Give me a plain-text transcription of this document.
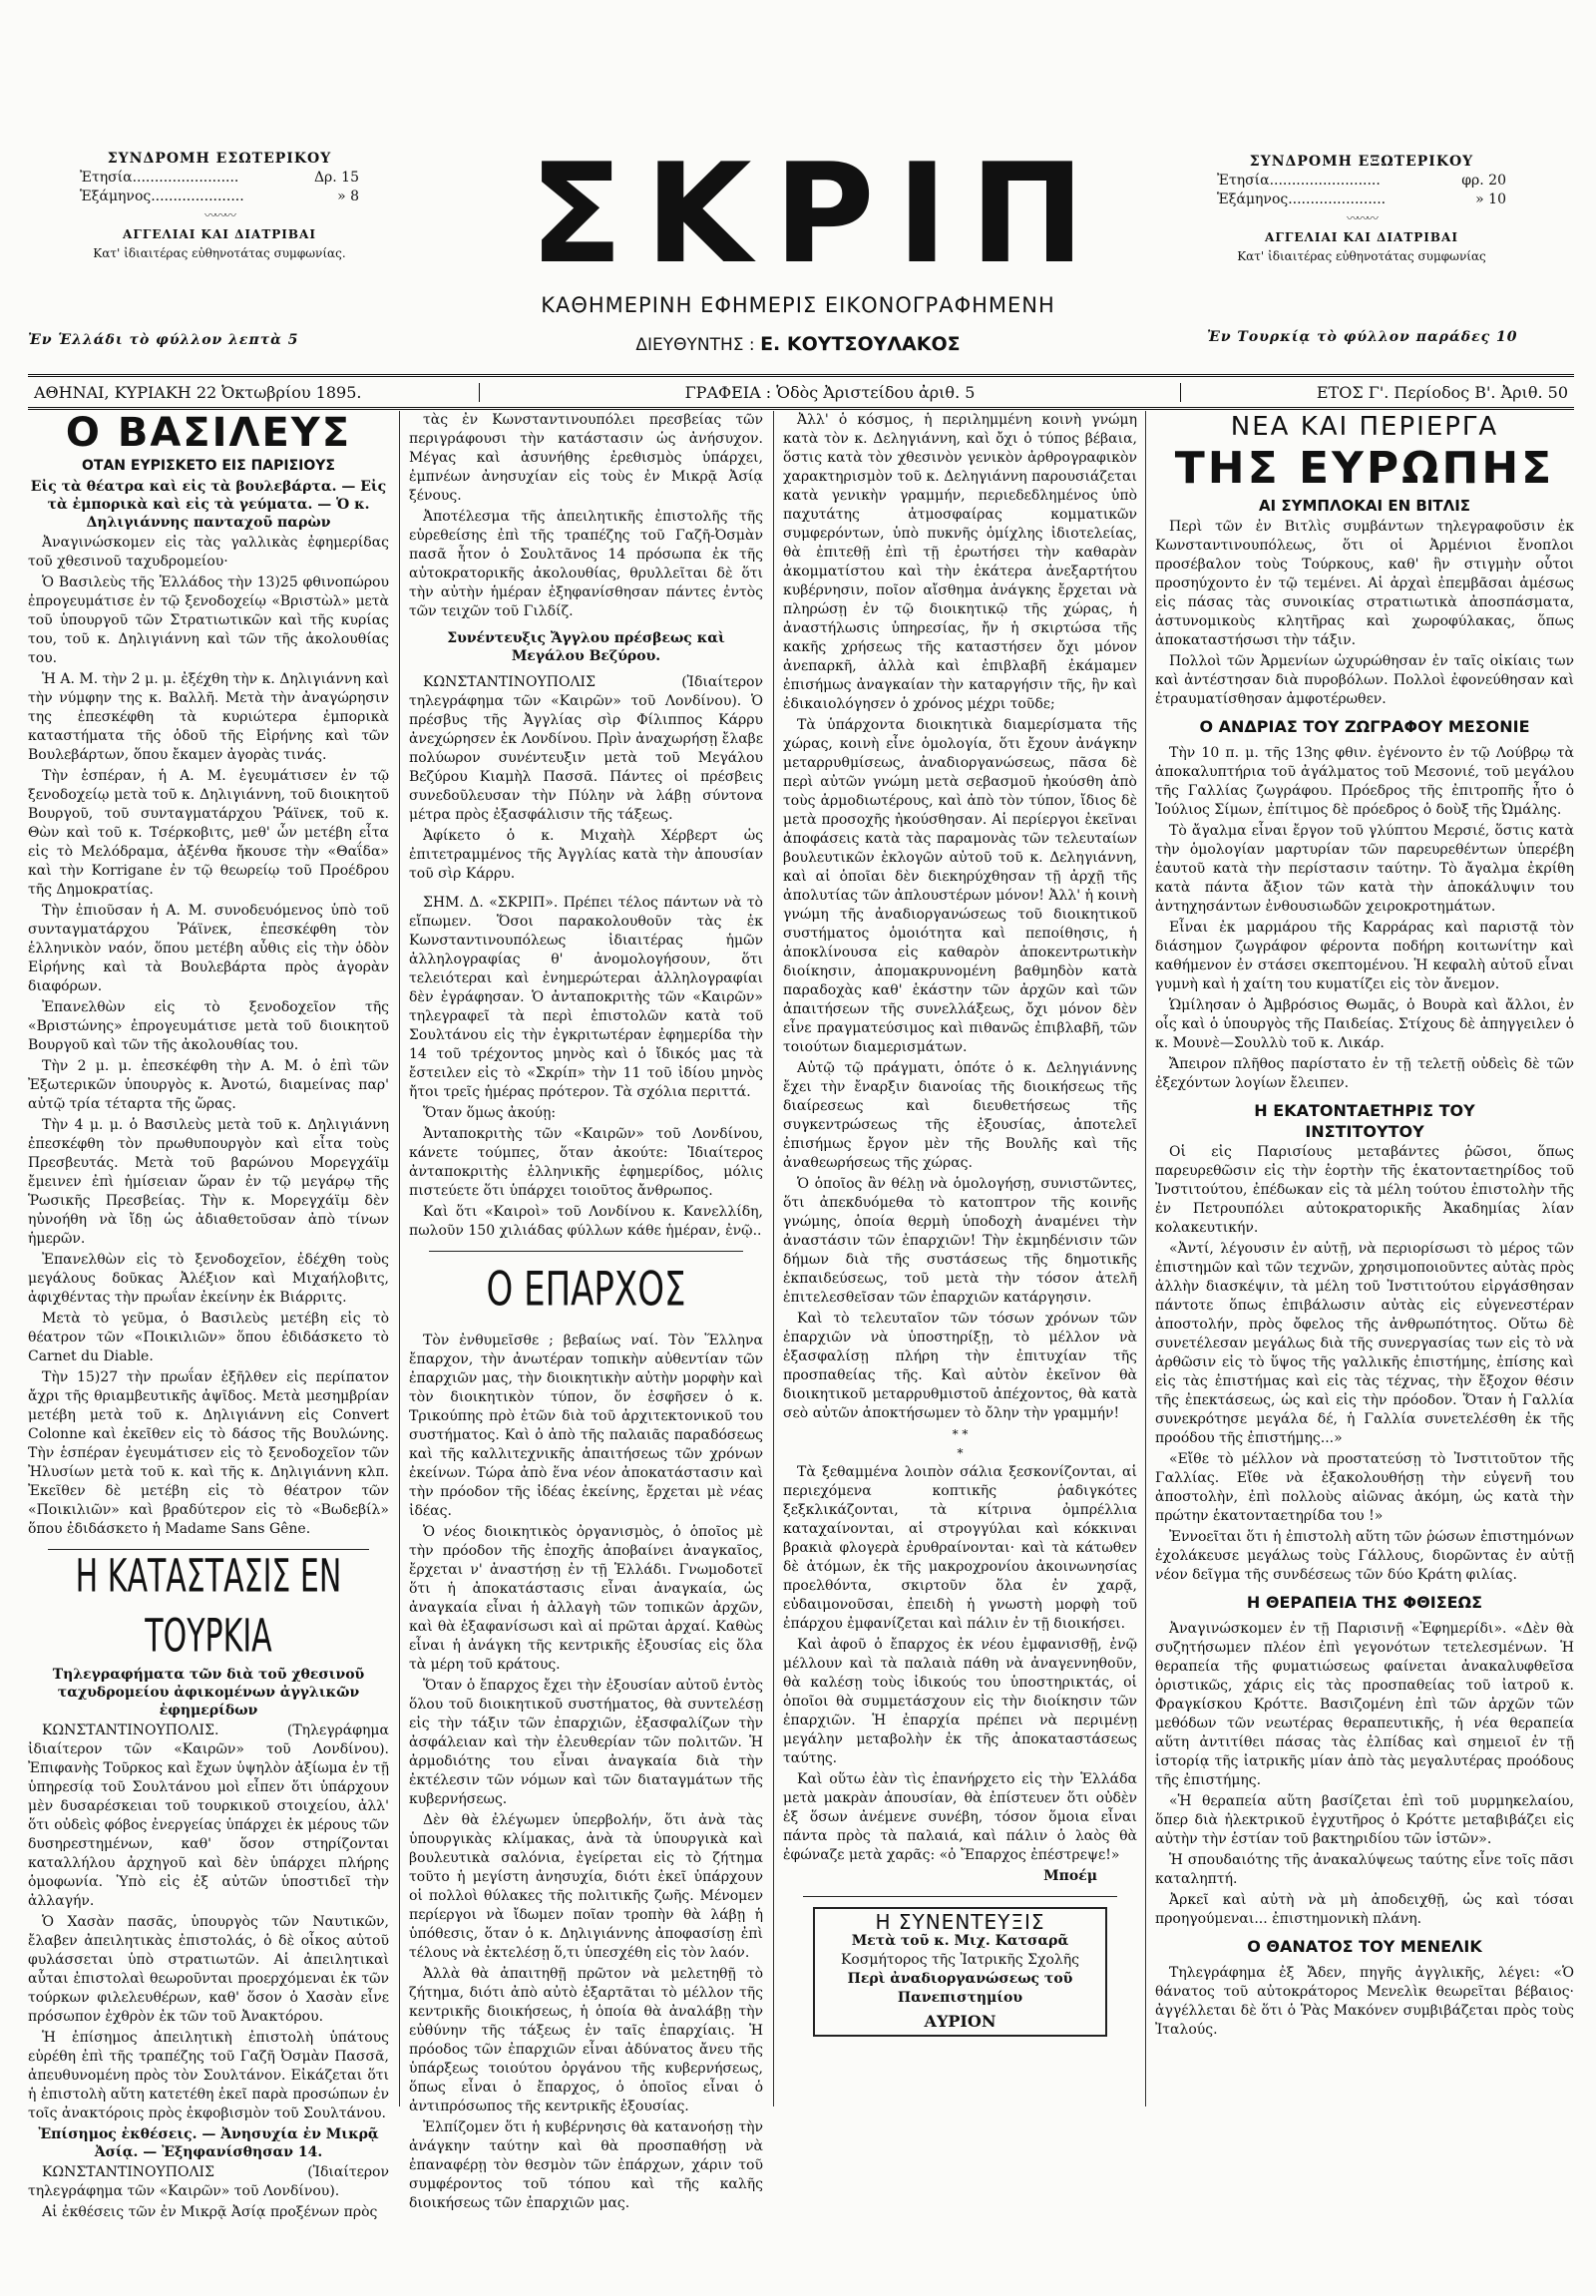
ΣΥΝΔΡΟΜΗ ΕΣΩΤΕΡΙΚΟΥ
Ἐτησία........................	Δρ. 15
Ἑξάμηνος.....................	» 8
〰〰〰
ΑΓΓΕΛΙΑΙ ΚΑΙ ΔΙΑΤΡΙΒΑΙ
Κατ' ἰδιαιτέρας εὐθηνοτάτας συμφωνίας.
Ἐν Ἑλλάδι τὸ φύλλον λεπτὰ 5
ΣΚΡΙΠ
ΚΑΘΗΜΕΡΙΝΗ ΕΦΗΜΕΡΙΣ ΕΙΚΟΝΟΓΡΑΦΗΜΕΝΗ
ΔΙΕΥΘΥΝΤΗΣ : Ε. ΚΟΥΤΣΟΥΛΑΚΟΣ
ΣΥΝΔΡΟΜΗ ΕΞΩΤΕΡΙΚΟΥ
Ἐτησία.........................	φρ. 20
Ἑξάμηνος......................	» 10
〰〰〰
ΑΓΓΕΛΙΑΙ ΚΑΙ ΔΙΑΤΡΙΒΑΙ
Κατ' ἰδιαιτέρας εὐθηνοτάτας συμφωνίας
Ἐν Τουρκίᾳ τὸ φύλλον παράδες 10
ΑΘΗΝΑΙ, ΚΥΡΙΑΚΗ 22 Ὀκτωβρίου 1895.	ΓΡΑΦΕΙΑ : Ὁδὸς Ἀριστείδου ἀριθ. 5	ΕΤΟΣ Γ'. Περίοδος Β'. Ἀριθ. 50
Ο ΒΑΣΙΛΕΥΣ
ΟΤΑΝ ΕΥΡΙΣΚΕΤΟ ΕΙΣ ΠΑΡΙΣΙΟΥΣ
Εἰς τὰ θέατρα καὶ εἰς τὰ βουλεβάρτα. — Εἰς τὰ ἐμπορικὰ καὶ εἰς τὰ γεύματα. — Ὁ κ. Δηλιγιάννης πανταχοῦ παρὼν

Ἀναγινώσκομεν εἰς τὰς γαλλικὰς ἐφημερίδας τοῦ χθεσινοῦ ταχυδρομείου·

Ὁ Βασιλεὺς τῆς Ἑλλάδος τὴν 13)25 φθινοπώρου ἐπρογευμάτισε ἐν τῷ ξενοδοχείῳ «Βριστὼλ» μετὰ τοῦ ὑπουργοῦ τῶν Στρατιωτικῶν καὶ τῆς κυρίας του, τοῦ κ. Δηλιγιάννη καὶ τῶν τῆς ἀκολουθίας του.

Ἡ Α. Μ. τὴν 2 μ. μ. ἐξέχθη τὴν κ. Δηλιγιάννη καὶ τὴν νύμφην της κ. Βαλλῆ. Μετὰ τὴν ἀναγώρησιν της ἐπεσκέφθη τὰ κυριώτερα ἐμπορικὰ καταστήματα τῆς ὁδοῦ τῆς Εἰρήνης καὶ τῶν Βουλεβάρτων, ὅπου ἔκαμεν ἀγορὰς τινάς.

Τὴν ἑσπέραν, ἡ Α. Μ. ἐγευμάτισεν ἐν τῷ ξενοδοχείῳ μετὰ τοῦ κ. Δηλιγιάννη, τοῦ διοικητοῦ Βουργοῦ, τοῦ συνταγματάρχου Ῥάϊνεκ, τοῦ κ. Θὼν καὶ τοῦ κ. Τσέρκοβιτς, μεθ' ὧν μετέβη εἶτα εἰς τὸ Μελόδραμα, ἀξένθα ἤκουσε τὴν «Θαΐδα» καὶ τὴν Korrigane ἐν τῷ θεωρείῳ τοῦ Προέδρου τῆς Δημοκρατίας.

Τὴν ἐπιοῦσαν ἡ Α. Μ. συνοδευόμενος ὑπὸ τοῦ συνταγματάρχου Ῥάϊνεκ, ἐπεσκέφθη τὸν ἑλληνικὸν ναόν, ὅπου μετέβη αὖθις εἰς τὴν ὁδὸν Εἰρήνης καὶ τὰ Βουλεβάρτα πρὸς ἀγορὰν διαφόρων.

Ἐπανελθὼν εἰς τὸ ξενοδοχεῖον τῆς «Βριστώνης» ἐπρογευμάτισε μετὰ τοῦ διοικητοῦ Βουργοῦ καὶ τῶν τῆς ἀκολουθίας του.

Τὴν 2 μ. μ. ἐπεσκέφθη τὴν Α. Μ. ὁ ἐπὶ τῶν Ἐξωτερικῶν ὑπουργὸς κ. Ἀνοτώ, διαμείνας παρ' αὐτῷ τρία τέταρτα τῆς ὥρας.

Τὴν 4 μ. μ. ὁ Βασιλεὺς μετὰ τοῦ κ. Δηλιγιάννη ἐπεσκέφθη τὸν πρωθυπουργὸν καὶ εἶτα τοὺς Πρεσβευτάς. Μετὰ τοῦ βαρώνου Μορεγχάϊμ ἔμεινεν ἐπὶ ἡμίσειαν ὥραν ἐν τῷ μεγάρῳ τῆς Ῥωσικῆς Πρεσβείας. Τὴν κ. Μορεγχάϊμ δὲν ηὐνοήθη νὰ ἴδῃ ὡς ἀδιαθετοῦσαν ἀπὸ τίνων ἡμερῶν.

Ἐπανελθὼν εἰς τὸ ξενοδοχεῖον, ἐδέχθη τοὺς μεγάλους δοῦκας Ἀλέξιον καὶ Μιχαήλοβιτς, ἀφιχθέντας τὴν πρωΐαν ἐκείνην ἐκ Βιάρριτς.

Μετὰ τὸ γεῦμα, ὁ Βασιλεὺς μετέβη εἰς τὸ θέατρον τῶν «Ποικιλιῶν» ὅπου ἐδιδάσκετο τὸ Carnet du Diable.

Τὴν 15)27 τὴν πρωΐαν ἐξῆλθεν εἰς περίπατον ἄχρι τῆς θριαμβευτικῆς ἀψῖδος. Μετὰ μεσημβρίαν μετέβη μετὰ τοῦ κ. Δηλιγιάννη εἰς Convert Colonne καὶ ἐκεῖθεν εἰς τὸ δάσος τῆς Βουλώνης. Τὴν ἑσπέραν ἐγευμάτισεν εἰς τὸ ξενοδοχεῖον τῶν Ἠλυσίων μετὰ τοῦ κ. καὶ τῆς κ. Δηλιγιάννη κλπ. Ἐκεῖθεν δὲ μετέβη εἰς τὸ θέατρον τῶν «Ποικιλιῶν» καὶ βραδύτερον εἰς τὸ «Βωδεβίλ» ὅπου ἐδιδάσκετο ἡ Madame Sans Gêne.

Η ΚΑΤΑΣΤΑΣΙΣ ΕΝ ΤΟΥΡΚΙΑ
Τηλεγραφήματα τῶν διὰ τοῦ χθεσινοῦ ταχυδρομείου ἀφικομένων ἀγγλικῶν ἐφημερίδων

ΚΩΝΣΤΑΝΤΙΝΟΥΠΟΛΙΣ. (Τηλεγράφημα ἰδιαίτερον τῶν «Καιρῶν» τοῦ Λονδίνου). Ἐπιφανὴς Τοῦρκος καὶ ἔχων ὑψηλὸν ἀξίωμα ἐν τῇ ὑπηρεσίᾳ τοῦ Σουλτάνου μοὶ εἶπεν ὅτι ὑπάρχουν μὲν δυσαρέσκειαι τοῦ τουρκικοῦ στοιχείου, ἀλλ' ὅτι οὐδεὶς φόβος ἐνεργείας ὑπάρχει ἐκ μέρους τῶν δυσηρεστημένων, καθ' ὅσον στηρίζονται καταλλήλου ἀρχηγοῦ καὶ δὲν ὑπάρχει πλήρης ὁμοφωνία. Ὑπὸ εἰς ἐξ αὐτῶν ὑποστιδεῖ τὴν ἀλλαγήν.

Ὁ Χασὰν πασᾶς, ὑπουργὸς τῶν Ναυτικῶν, ἔλαβεν ἀπειλητικὰς ἐπιστολάς, ὁ δὲ οἶκος αὐτοῦ φυλάσσεται ὑπὸ στρατιωτῶν. Αἱ ἀπειλητικαὶ αὗται ἐπιστολαὶ θεωροῦνται προερχόμεναι ἐκ τῶν τούρκων φιλελευθέρων, καθ' ὅσον ὁ Χασὰν εἶνε πρόσωπον ἐχθρὸν ἐκ τῶν τοῦ Ἀνακτόρου.

Ἡ ἐπίσημος ἀπειλητικὴ ἐπιστολὴ ὑπάτους εὑρέθη ἐπὶ τῆς τραπέζης τοῦ Γαζῆ Ὀσμὰν Πασσᾶ, ἀπευθυνομένη πρὸς τὸν Σουλτάνον. Εἰκάζεται ὅτι ἡ ἐπιστολὴ αὕτη κατετέθη ἐκεῖ παρὰ προσώπων ἐν τοῖς ἀνακτόροις πρὸς ἐκφοβισμὸν τοῦ Σουλτάνου.

Ἐπίσημος ἐκθέσεις. — Ἀνησυχία ἐν Μικρᾷ Ἀσίᾳ. — Ἐξηφανίσθησαν 14.

ΚΩΝΣΤΑΝΤΙΝΟΥΠΟΛΙΣ (Ἰδιαίτερον τηλεγράφημα τῶν «Καιρῶν» τοῦ Λονδίνου).

Αἱ ἐκθέσεις τῶν ἐν Μικρᾷ Ἀσίᾳ προξένων πρὸς

τὰς ἐν Κωνσταντινουπόλει πρεσβείας τῶν περιγράφουσι τὴν κατάστασιν ὡς ἀνήσυχον. Μέγας καὶ ἀσυνήθης ἐρεθισμὸς ὑπάρχει, ἐμπνέων ἀνησυχίαν εἰς τοὺς ἐν Μικρᾷ Ἀσίᾳ ξένους.

Ἀποτέλεσμα τῆς ἀπειλητικῆς ἐπιστολῆς τῆς εὑρεθείσης ἐπὶ τῆς τραπέζης τοῦ Γαζῆ-Ὀσμὰν πασᾶ ἦτον ὁ Σουλτᾶνος 14 πρόσωπα ἐκ τῆς αὐτοκρατορικῆς ἀκολουθίας, θρυλλεῖται δὲ ὅτι τὴν αὐτὴν ἡμέραν ἐξηφανίσθησαν πάντες ἐντὸς τῶν τειχῶν τοῦ Γιλδίζ.

Συνέντευξις Ἄγγλου πρέσβεως καὶ Μεγάλου Βεζύρου.

ΚΩΝΣΤΑΝΤΙΝΟΥΠΟΛΙΣ (Ἰδιαίτερον τηλεγράφημα τῶν «Καιρῶν» τοῦ Λονδίνου). Ὁ πρέσβυς τῆς Ἀγγλίας σὶρ Φίλιππος Κάρρυ ἀνεχώρησεν ἐκ Λονδίνου. Πρὶν ἀναχωρήσῃ ἔλαβε πολύωρον συνέντευξιν μετὰ τοῦ Μεγάλου Βεζύρου Κιαμὴλ Πασσᾶ. Πάντες οἱ πρέσβεις συνεδοῦλευσαν τὴν Πύλην νὰ λάβῃ σύντονα μέτρα πρὸς ἐξασφάλισιν τῆς τάξεως.

Ἀφίκετο ὁ κ. Μιχαὴλ Χέρβερτ ὡς ἐπιτετραμμένος τῆς Ἀγγλίας κατὰ τὴν ἀπουσίαν τοῦ σὶρ Κάρρυ.

ΣΗΜ. Δ. «ΣΚΡΙΠ». Πρέπει τέλος πάντων νὰ τὸ εἴπωμεν. Ὅσοι παρακολουθοῦν τὰς ἐκ Κωνσταντινουπόλεως ἰδιαιτέρας ἡμῶν ἀλληλογραφίας θ' ἀνομολογήσουν, ὅτι τελειότεραι καὶ ἐνημερώτεραι ἀλληλογραφίαι δὲν ἐγράφησαν. Ὁ ἀνταποκριτὴς τῶν «Καιρῶν» τηλεγραφεῖ τὰ περὶ ἐπιστολῶν κατὰ τοῦ Σουλτάνου εἰς τὴν ἐγκριτωτέραν ἐφημερίδα τὴν 14 τοῦ τρέχοντος μηνὸς καὶ ὁ ἴδικός μας τὰ ἔστειλεν εἰς τὸ «Σκρίπ» τὴν 11 τοῦ ἰδίου μηνὸς ἤτοι τρεῖς ἡμέρας πρότερον. Τὰ σχόλια περιττά.

Ὅταν ὅμως ἀκούῃ:

Ἀνταποκριτὴς τῶν «Καιρῶν» τοῦ Λονδίνου, κάνετε τούμπες, ὅταν ἀκούτε: Ἰδιαίτερος ἀνταποκριτὴς ἑλληνικῆς ἐφημερίδος, μόλις πιστεύετε ὅτι ὑπάρχει τοιοῦτος ἄνθρωπος.

Καὶ ὅτι «Καιροὶ» τοῦ Λονδίνου κ. Κανελλίδη, πωλοῦν 150 χιλιάδας φύλλων κάθε ἡμέραν, ἐνῷ..

Ο ΕΠΑΡΧΟΣ

Τὸν ἐνθυμεῖσθε ; βεβαίως ναί. Τὸν Ἕλληνα ἔπαρχον, τὴν ἀνωτέραν τοπικὴν αὐθεντίαν τῶν ἐπαρχιῶν μας, τὴν διοικητικὴν αὐτὴν μορφὴν καὶ τὸν διοικητικὸν τύπον, ὅν ἐσφῆσεν ὁ κ. Τρικούπης πρὸ ἐτῶν διὰ τοῦ ἀρχιτεκτονικοῦ του συστήματος. Καὶ ὁ ἀπὸ τῆς παλαιᾶς παραδόσεως καὶ τῆς καλλιτεχνικῆς ἀπαιτήσεως τῶν χρόνων ἐκείνων. Τώρα ἀπὸ ἕνα νέον ἀποκατάστασιν καὶ τὴν πρόοδον τῆς ἰδέας ἐκείνης, ἔρχεται μὲ νέας ἰδέας.

Ὁ νέος διοικητικὸς ὀργανισμὸς, ὁ ὁποῖος μὲ τὴν πρόοδον τῆς ἐποχῆς ἀποβαίνει ἀναγκαῖος, ἔρχεται ν' ἀναστήσῃ ἐν τῇ Ἑλλάδι. Γνωμοδοτεῖ ὅτι ἡ ἀποκατάστασις εἶναι ἀναγκαία, ὡς ἀναγκαία εἶναι ἡ ἀλλαγὴ τῶν τοπικῶν ἀρχῶν, καὶ θὰ ἐξαφανίσωσι καὶ αἱ πρῶται ἀρχαί. Καθὼς εἶναι ἡ ἀνάγκη τῆς κεντρικῆς ἐξουσίας εἰς ὅλα τὰ μέρη τοῦ κράτους.

Ὅταν ὁ ἔπαρχος ἔχει τὴν ἐξουσίαν αὐτοῦ ἐντὸς ὅλου τοῦ διοικητικοῦ συστήματος, θὰ συντελέσῃ εἰς τὴν τάξιν τῶν ἐπαρχιῶν, ἐξασφαλίζων τὴν ἀσφάλειαν καὶ τὴν ἐλευθερίαν τῶν πολιτῶν. Ἡ ἀρμοδιότης του εἶναι ἀναγκαία διὰ τὴν ἐκτέλεσιν τῶν νόμων καὶ τῶν διαταγμάτων τῆς κυβερνήσεως.

Δὲν θὰ ἐλέγωμεν ὑπερβολήν, ὅτι ἀνὰ τὰς ὑπουργικὰς κλίμακας, ἀνὰ τὰ ὑπουργικὰ καὶ βουλευτικὰ σαλόνια, ἐγείρεται εἰς τὸ ζήτημα τοῦτο ἡ μεγίστη ἀνησυχία, διότι ἐκεῖ ὑπάρχουν οἱ πολλοὶ θύλακες τῆς πολιτικῆς ζωῆς. Μένομεν περίεργοι νὰ ἴδωμεν ποῖαν τροπὴν θὰ λάβῃ ἡ ὑπόθεσις, ὅταν ὁ κ. Δηλιγιάννης ἀποφασίσῃ ἐπὶ τέλους νὰ ἐκτελέσῃ ὅ,τι ὑπεσχέθη εἰς τὸν λαόν.

Ἀλλὰ θὰ ἀπαιτηθῇ πρῶτον νὰ μελετηθῇ τὸ ζήτημα, διότι ἀπὸ αὐτὸ ἐξαρτᾶται τὸ μέλλον τῆς κεντρικῆς διοικήσεως, ἡ ὁποία θὰ ἀναλάβῃ τὴν εὐθύνην τῆς τάξεως ἐν ταῖς ἐπαρχίαις. Ἡ πρόοδος τῶν ἐπαρχιῶν εἶναι ἀδύνατος ἄνευ τῆς ὑπάρξεως τοιούτου ὀργάνου τῆς κυβερνήσεως, ὅπως εἶναι ὁ ἔπαρχος, ὁ ὁποῖος εἶναι ὁ ἀντιπρόσωπος τῆς κεντρικῆς ἐξουσίας.

Ἐλπίζομεν ὅτι ἡ κυβέρνησις θὰ κατανοήσῃ τὴν ἀνάγκην ταύτην καὶ θὰ προσπαθήσῃ νὰ ἐπαναφέρῃ τὸν θεσμὸν τῶν ἐπάρχων, χάριν τοῦ συμφέροντος τοῦ τόπου καὶ τῆς καλῆς διοικήσεως τῶν ἐπαρχιῶν μας.

Ἀλλ' ὁ κόσμος, ἡ περιλημμένη κοινὴ γνώμη κατὰ τὸν κ. Δεληγιάννη, καὶ ὄχι ὁ τύπος βέβαια, ὅστις κατὰ τὸν χθεσινὸν γενικὸν ἀρθρογραφικὸν χαρακτηρισμὸν τοῦ κ. Δεληγιάννη παρουσιάζεται κατὰ γενικὴν γραμμήν, περιεδεδλημένος ὑπὸ παχυτάτης ἀτμοσφαίρας κομματικῶν συμφερόντων, ὑπὸ πυκνῆς ὁμίχλης ἰδιοτελείας, θὰ ἐπιτεθῇ ἐπὶ τῇ ἐρωτήσει τὴν καθαρὰν ἀκομματίστου καὶ τὴν ἑκάτερα ἀνεξαρτήτου κυβέρνησιν, ποῖον αἴσθημα ἀνάγκης ἔρχεται νὰ πληρώσῃ ἐν τῷ διοικητικῷ τῆς χώρας, ἡ ἀναστήλωσις ὑπηρεσίας, ἤν ἡ σκιρτώσα τῆς κακῆς χρήσεως τῆς καταστήσεν ὄχι μόνον ἀνεπαρκῆ, ἀλλὰ καὶ ἐπιβλαβῆ ἐκάμαμεν ἐπισήμως ἀναγκαίαν τὴν καταργήσιν τῆς, ἣν καὶ ἐδικαιολόγησεν ὁ χρόνος μέχρι τοῦδε;

Τὰ ὑπάρχοντα διοικητικὰ διαμερίσματα τῆς χώρας, κοινὴ εἶνε ὁμολογία, ὅτι ἔχουν ἀνάγκην μεταρρυθμίσεως, ἀναδιοργανώσεως, πᾶσα δὲ περὶ αὐτῶν γνώμη μετὰ σεβασμοῦ ἠκούσθη ἀπὸ τοὺς ἁρμοδιωτέρους, καὶ ἀπὸ τὸν τύπον, ἴδιος δὲ μετὰ προσοχῆς ἠκούσθησαν. Αἱ περίεργοι ἐκεῖναι ἀποφάσεις κατὰ τὰς παραμονὰς τῶν τελευταίων βουλευτικῶν ἐκλογῶν αὐτοῦ τοῦ κ. Δεληγιάννη, καὶ αἱ ὁποῖαι δὲν διεκηρύχθησαν τῇ ἀρχῇ τῆς ἀπολυτίας τῶν ἀπλουστέρων μόνον! Ἀλλ' ἡ κοινὴ γνώμη τῆς ἀναδιοργανώσεως τοῦ διοικητικοῦ συστήματος ὁμοιότητα καὶ πεποίθησις, ἡ ἀποκλίνουσα εἰς καθαρὸν ἀποκεντρωτικὴν διοίκησιν, ἀπομακρυνομένη βαθμηδὸν κατὰ παραδοχὰς καθ' ἑκάστην τῶν ἀρχῶν καὶ τῶν ἀπαιτήσεων τῆς συνελλάξεως, ὄχι μόνον δὲν εἶνε πραγματεύσιμος καὶ πιθανῶς ἐπιβλαβῆ, τῶν τοιούτων διαμερισμάτων.

Αὐτῷ τῷ πράγματι, ὁπότε ὁ κ. Δεληγιάννης ἔχει τὴν ἔναρξιν διανοίας τῆς διοικήσεως τῆς διαίρεσεως καὶ διευθετήσεως τῆς συγκεντρώσεως τῆς ἐξουσίας, ἀποτελεῖ ἐπισήμως ἔργον μὲν τῆς Βουλῆς καὶ τῆς ἀναθεωρήσεως τῆς χώρας.

Ὁ ὁποῖος ἂν θέλῃ νὰ ὁμολογήσῃ, συνιστῶντες, ὅτι ἀπεκδυόμεθα τὸ κατοπτρον τῆς κοινῆς γνώμης, ὁποία θερμὴ ὑποδοχὴ ἀναμένει τὴν ἀναστάσιν τῶν ἐπαρχιῶν! Τὴν ἐκμηδένισιν τῶν δήμων διὰ τῆς συστάσεως τῆς δημοτικῆς ἐκπαιδεύσεως, τοῦ μετὰ τὴν τόσον ἀτελῆ ἐπιτελεσθεῖσαν τῶν ἐπαρχιῶν κατάργησιν.

Καὶ τὸ τελευταῖον τῶν τόσων χρόνων τῶν ἐπαρχιῶν νὰ ὑποστηρίξῃ, τὸ μέλλον νὰ ἐξασφαλίσῃ πλήρη τὴν ἐπιτυχίαν τῆς προσπαθείας τῆς. Καὶ αὐτὸν ἐκεῖνον θὰ διοικητικοῦ μεταρρυθμιστοῦ ἀπέχοντος, θὰ κατὰ σεὸ αὐτῶν ἀποκτήσωμεν τὸ ὄλην τὴν γραμμήν!

* *
*

Τὰ ξεθαμμένα λοιπὸν σάλια ξεσκονίζονται, αἱ περιεχόμενα κοπτικῆς ῥαδιγκότες ξεξκλικάζονται, τὰ κίτρινα ὀμπρέλλια καταχαίνονται, αἱ στρογγύλαι καὶ κόκκιναι βρακιὰ φλογερὰ ἐρυθραίνονται· καὶ τὰ κάτωθεν δὲ ἀτόμων, ἐκ τῆς μακροχρονίου ἀκοινωνησίας προελθόντα, σκιρτοῦν ὅλα ἐν χαρᾷ, εὐδαιμονοῦσαι, ἐπειδὴ ἡ γνωστὴ μορφὴ τοῦ ἐπάρχου ἐμφανίζεται καὶ πάλιν ἐν τῇ διοικήσει.

Καὶ ἀφοῦ ὁ ἔπαρχος ἐκ νέου ἐμφανισθῇ, ἐνῷ μέλλουν καὶ τὰ παλαιὰ πάθη νὰ ἀναγεννηθοῦν, θὰ καλέσῃ τοὺς ἰδικούς του ὑποστηρικτάς, οἱ ὁποῖοι θὰ συμμετάσχουν εἰς τὴν διοίκησιν τῶν ἐπαρχιῶν. Ἡ ἐπαρχία πρέπει νὰ περιμένῃ μεγάλην μεταβολὴν ἐκ τῆς ἀποκαταστάσεως ταύτης.

Καὶ οὕτω ἐὰν τὶς ἐπανήρχετο εἰς τὴν Ἑλλάδα μετὰ μακρὰν ἀπουσίαν, θὰ ἐπίστευεν ὅτι οὐδὲν ἐξ ὅσων ἀνέμενε συνέβη, τόσον ὅμοια εἶναι πάντα πρὸς τὰ παλαιά, καὶ πάλιν ὁ λαὸς θὰ ἐφώναζε μετὰ χαρᾶς: «ὁ Ἔπαρχος ἐπέστρεψε!»

Μποέμ
Η ΣΥΝΕΝΤΕΥΞΙΣ
Μετὰ τοῦ κ. Μιχ. Κατσαρᾶ
Κοσμήτορος τῆς Ἰατρικῆς Σχολῆς
Περὶ ἀναδιοργανώσεως τοῦ Πανεπιστημίου
ΑΥΡΙΟΝ
ΝΕΑ ΚΑΙ ΠΕΡΙΕΡΓΑ
ΤΗΣ ΕΥΡΩΠΗΣ
ΑΙ ΣΥΜΠΛΟΚΑΙ ΕΝ ΒΙΤΛΙΣ

Περὶ τῶν ἐν Βιτλὶς συμβάντων τηλεγραφοῦσιν ἐκ Κωνσταντινουπόλεως, ὅτι οἱ Ἀρμένιοι ἔνοπλοι προσέβαλον τοὺς Τούρκους, καθ' ἣν στιγμὴν οὗτοι προσηύχοντο ἐν τῷ τεμένει. Αἱ ἀρχαὶ ἐπεμβᾶσαι ἀμέσως εἰς πάσας τὰς συνοικίας στρατιωτικὰ ἀποσπάσματα, ἀστυνομικοὺς κλητῆρας καὶ χωροφύλακας, ὅπως ἀποκαταστήσωσι τὴν τάξιν.

Πολλοὶ τῶν Ἀρμενίων ὠχυρώθησαν ἐν ταῖς οἰκίαις των καὶ ἀντέστησαν διὰ πυροβόλων. Πολλοὶ ἐφονεύθησαν καὶ ἐτραυματίσθησαν ἀμφοτέρωθεν.

Ο ΑΝΔΡΙΑΣ ΤΟΥ ΖΩΓΡΑΦΟΥ ΜΕΣΟΝΙΕ

Τὴν 10 π. μ. τῆς 13ης φθιν. ἐγένοντο ἐν τῷ Λούβρῳ τὰ ἀποκαλυπτήρια τοῦ ἀγάλματος τοῦ Μεσονιέ, τοῦ μεγάλου τῆς Γαλλίας ζωγράφου. Πρόεδρος τῆς ἐπιτροπῆς ἦτο ὁ Ἰούλιος Σίμων, ἐπίτιμος δὲ πρόεδρος ὁ δοὺξ τῆς Ὠμάλης.

Τὸ ἄγαλμα εἶναι ἔργον τοῦ γλύπτου Μερσιέ, ὅστις κατὰ τὴν ὁμολογίαν μαρτυρίαν τῶν παρευρεθέντων ὑπερέβη ἑαυτοῦ κατὰ τὴν περίστασιν ταύτην. Τὸ ἄγαλμα ἐκρίθη κατὰ πάντα ἄξιον τῶν κατὰ τὴν ἀποκάλυψιν του ἀντηχησάντων ἐνθουσιωδῶν χειροκροτημάτων.

Εἶναι ἐκ μαρμάρου τῆς Καρράρας καὶ παριστᾷ τὸν διάσημον ζωγράφον φέροντα ποδήρη κοιτωνίτην καὶ καθήμενον ἐν στάσει σκεπτομένου. Ἡ κεφαλὴ αὐτοῦ εἶναι γυμνὴ καὶ ἡ χαίτη του κυματίζει εἰς τὸν ἄνεμον.

Ὡμίλησαν ὁ Ἀμβρόσιος Θωμᾶς, ὁ Βουρὰ καὶ ἄλλοι, ἐν οἷς καὶ ὁ ὑπουργὸς τῆς Παιδείας. Στίχους δὲ ἀπηγγειλεν ὁ κ. Μουνὲ—Σουλλὺ τοῦ κ. Λικάρ.

Ἄπειρον πλῆθος παρίστατο ἐν τῇ τελετῇ οὐδεὶς δὲ τῶν ἐξεχόντων λογίων ἔλειπεν.

Η ΕΚΑΤΟΝΤΑΕΤΗΡΙΣ ΤΟΥ
ΙΝΣΤΙΤΟΥΤΟΥ

Οἱ εἰς Παρισίους μεταβάντες ῥῶσοι, ὅπως παρευρεθῶσιν εἰς τὴν ἑορτὴν τῆς ἑκατονταετηρίδος τοῦ Ἰνστιτούτου, ἐπέδωκαν εἰς τὰ μέλη τούτου ἐπιστολὴν τῆς ἐν Πετρουπόλει αὐτοκρατορικῆς Ἀκαδημίας λίαν κολακευτικήν.

«Ἀντί, λέγουσιν ἐν αὐτῇ, νὰ περιορίσωσι τὸ μέρος τῶν ἐπιστημῶν καὶ τῶν τεχνῶν, χρησιμοποιοῦντες αὐτὰς πρὸς ἀλλὴν διασκέψιν, τὰ μέλη τοῦ Ἰνστιτούτου εἰργάσθησαν πάντοτε ὅπως ἐπιβάλωσιν αὐτὰς εἰς εὐγενεστέραν ἀποστολήν, πρὸς ὄφελος τῆς ἀνθρωπότητος. Οὕτω δὲ συνετέλεσαν μεγάλως διὰ τῆς συνεργασίας των εἰς τὸ νὰ ἀρθῶσιν εἰς τὸ ὕψος τῆς γαλλικῆς ἐπιστήμης, ἐπίσης καὶ εἰς τὰς ἐπιστήμας καὶ εἰς τὰς τέχνας, τὴν ἔξοχον θέσιν τῆς ἐπεκτάσεως, ὡς καὶ εἰς τὴν πρόοδον. Ὅταν ἡ Γαλλία συνεκρότησε μεγάλα δέ, ἡ Γαλλία συνετελέσθη ἐκ τῆς προόδου τῆς ἐπιστήμης...»

«Εἴθε τὸ μέλλον νὰ προστατεύσῃ τὸ Ἰνστιτοῦτον τῆς Γαλλίας. Εἴθε νὰ ἐξακολουθήσῃ τὴν εὐγενῆ του ἀποστολὴν, ἐπὶ πολλοὺς αἰῶνας ἀκόμη, ὡς κατὰ τὴν πρώτην ἑκατονταετηρίδα του !»

Ἐννοεῖται ὅτι ἡ ἐπιστολὴ αὕτη τῶν ῥώσων ἐπιστημόνων ἐχολάκευσε μεγάλως τοὺς Γάλλους, διορῶντας ἐν αὐτῇ νέον δεῖγμα τῆς συνδέσεως τῶν δύο Κράτη φιλίας.

Η ΘΕΡΑΠΕΙΑ ΤΗΣ ΦΘΙΣΕΩΣ

Ἀναγινώσκομεν ἐν τῇ Παρισινῇ «Ἐφημερίδι». «Δὲν θὰ συζητήσωμεν πλέον ἐπὶ γεγονότων τετελεσμένων. Ἡ θεραπεία τῆς φυματιώσεως φαίνεται ἀνακαλυφθεῖσα ὁριστικῶς, χάρις εἰς τὰς προσπαθείας τοῦ ἰατροῦ κ. Φραγκίσκου Κρόττε. Βασιζομένη ἐπὶ τῶν ἀρχῶν τῶν μεθόδων τῶν νεωτέρας θεραπευτικῆς, ἡ νέα θεραπεία αὕτη ἀντιτίθει πάσας τὰς ἐλπίδας καὶ σημειοῖ ἐν τῇ ἱστορίᾳ τῆς ἰατρικῆς μίαν ἀπὸ τὰς μεγαλυτέρας προόδους τῆς ἐπιστήμης.

«Ἡ θεραπεία αὕτη βασίζεται ἐπὶ τοῦ μυρμηκελαίου, ὅπερ διὰ ἠλεκτρικοῦ ἐγχυτῆρος ὁ Κρόττε μεταβιβάζει εἰς αὐτὴν τὴν ἑστίαν τοῦ βακτηριδίου τῶν ἱστῶν».

Ἡ σπουδαιότης τῆς ἀνακαλύψεως ταύτης εἶνε τοῖς πᾶσι καταληπτή.

Ἀρκεῖ καὶ αὐτὴ νὰ μὴ ἀποδειχθῇ, ὡς καὶ τόσαι προηγούμεναι... ἐπιστημονικὴ πλάνη.

Ο ΘΑΝΑΤΟΣ ΤΟΥ ΜΕΝΕΛΙΚ

Τηλεγράφημα ἐξ Ἄδεν, πηγῆς ἀγγλικῆς, λέγει: «Ὁ θάνατος τοῦ αὐτοκράτορος Μενελὶκ θεωρεῖται βέβαιος· ἀγγέλλεται δὲ ὅτι ὁ Ῥὰς Μακόνεν συμβιβάζεται πρὸς τοὺς Ἰταλούς.
